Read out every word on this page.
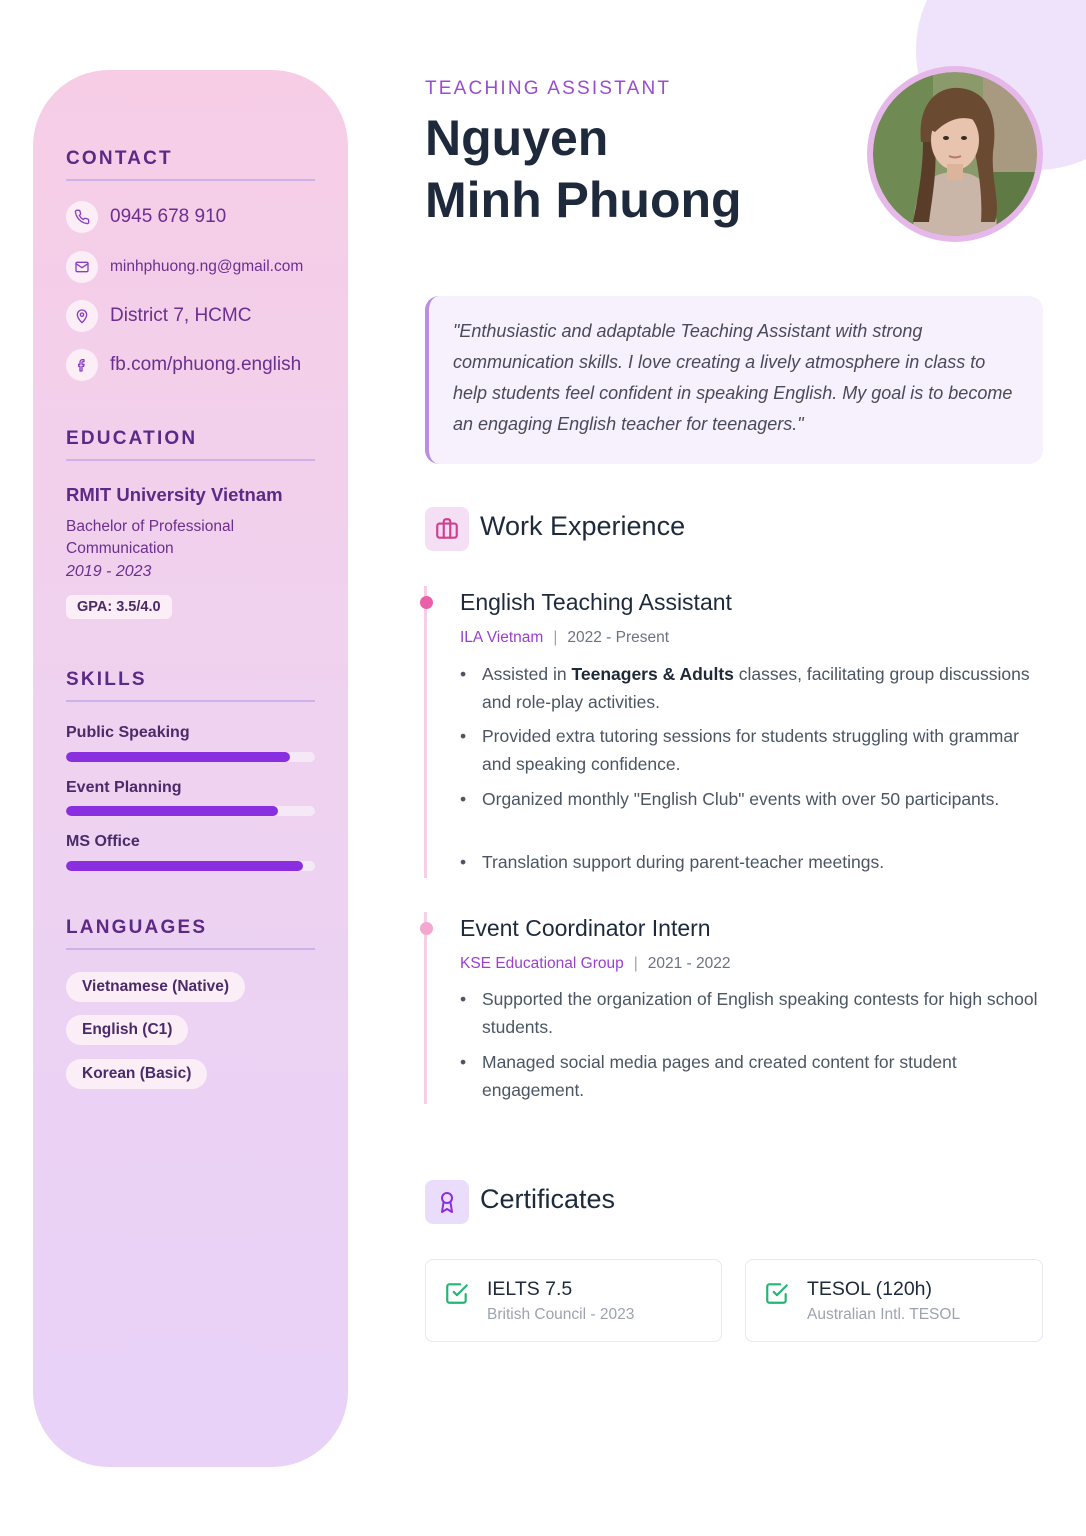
CONTACT
0945 678 910
minhphuong.ng@gmail.com
District 7, HCMC
fb.com/phuong.english
EDUCATION
RMIT University Vietnam
Bachelor of Professional Communication
2019 - 2023
GPA: 3.5/4.0
SKILLS
Public Speaking
Event Planning
MS Office
LANGUAGES
Vietnamese (Native)
English (C1)
Korean (Basic)
TEACHING ASSISTANT
Nguyen
Minh Phuong

"Enthusiastic and adaptable Teaching Assistant with strong communication skills. I love creating a lively atmosphere in class to help students feel confident in speaking English. My goal is to become an engaging English teacher for teenagers."

Work Experience
English Teaching Assistant
ILA Vietnam | 2022 - Present
• Assisted in Teenagers & Adults classes, facilitating group discussions and role-play activities.
• Provided extra tutoring sessions for students struggling with grammar and speaking confidence.
• Organized monthly "English Club" events with over 50 participants.
• Translation support during parent-teacher meetings.
Event Coordinator Intern
KSE Educational Group | 2021 - 2022
• Supported the organization of English speaking contests for high school students.
• Managed social media pages and created content for student engagement.
Certificates
IELTS 7.5
British Council - 2023
TESOL (120h)
Australian Intl. TESOL
